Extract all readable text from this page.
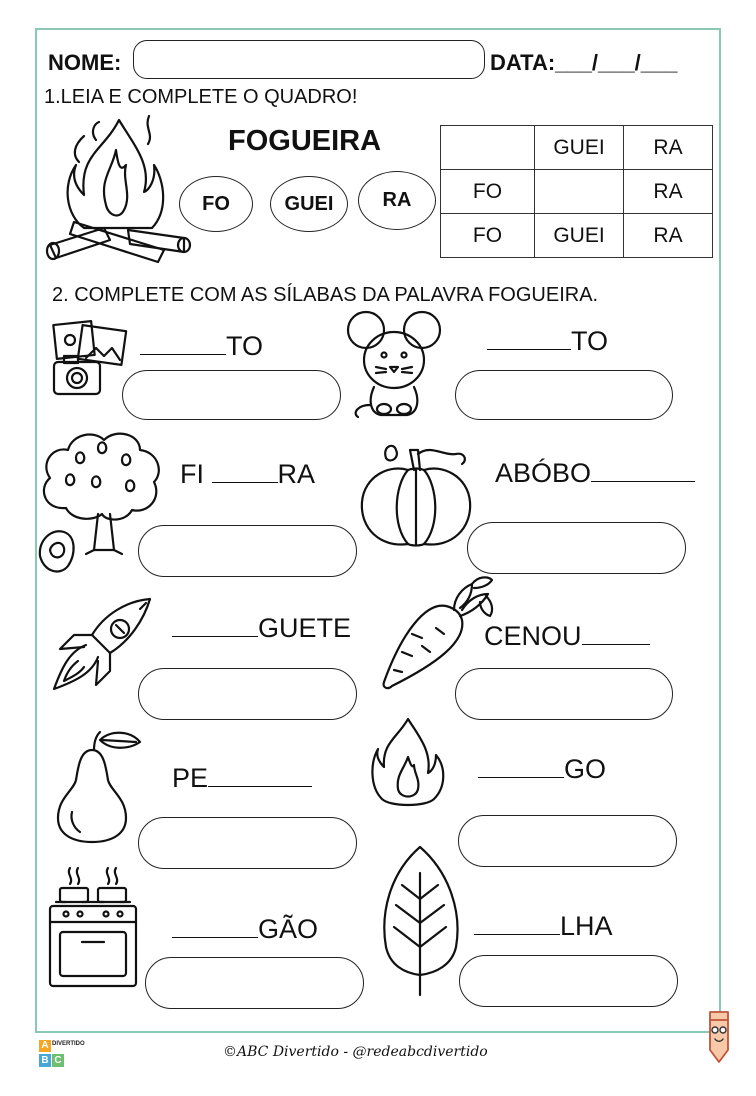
NOME:	DATA:___/___/___
1.LEIA E COMPLETE O QUADRO!
FOGUEIRA
FO	GUEI	RA
	GUEI	RA
FO		RA
FO	GUEI	RA
2. COMPLETE COM AS SÍLABAS DA PALAVRA FOGUEIRA.
TO	TO
FI RA	ABÓBO
GUETE	CENOU
PE	GO
GÃO	LHA
A DIVERTIDO
B C
©ABC Divertido - @redeabcdivertido
